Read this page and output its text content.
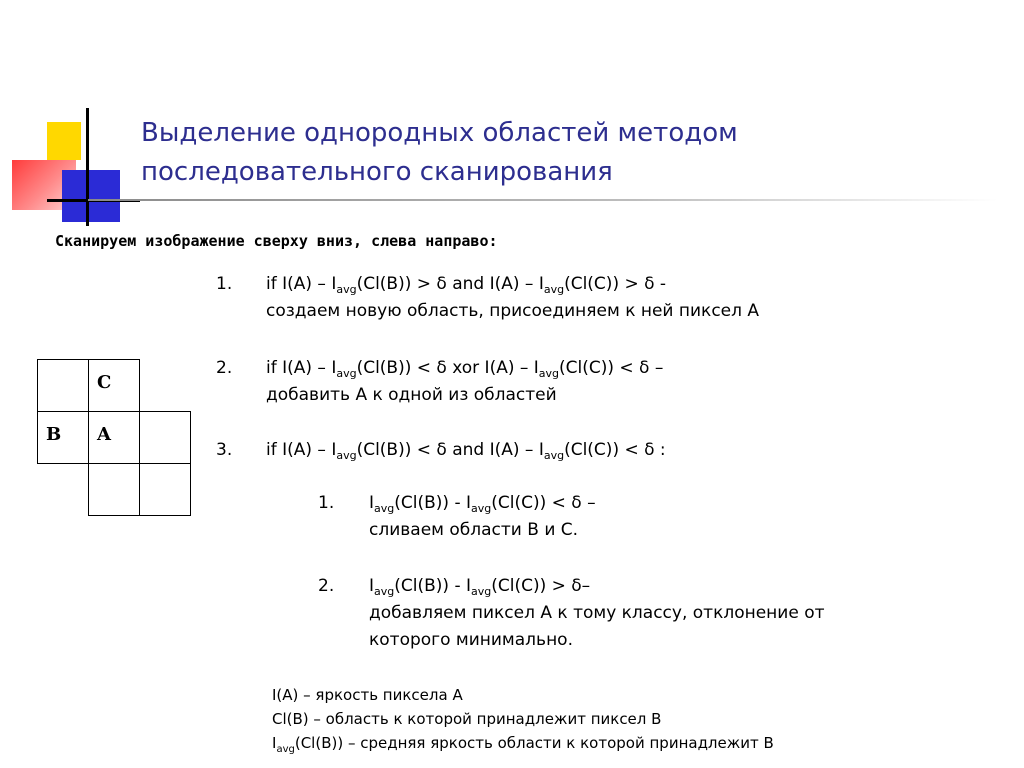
Выделение однородных областей методом
последовательного сканирования
Сканируем изображение сверху вниз, слева направо:

	C	

B	A	

1. if $I(A) - I_{avg}(Cl(B)) > \delta$ and $I(A) - I_{avg}(Cl(C)) > \delta$ -
создаем новую область, присоединяем к ней пиксел A
2. if $I(A) - I_{avg}(Cl(B)) < \delta$ xor $I(A) - I_{avg}(Cl(C)) < \delta$ –
добавить A к одной из областей
3. if $I(A) - I_{avg}(Cl(B)) < \delta$ and $I(A) - I_{avg}(Cl(C)) < \delta$ :
1. $I_{avg}(Cl(B)) - I_{avg}(Cl(C)) < \delta$ –
сливаем области B и C.
2. $I_{avg}(Cl(B)) - I_{avg}(Cl(C)) > \delta-$
добавляем пиксел A к тому классу, отклонение от
которого минимально.
I(A) – яркость пиксела A
Cl(B) – область к которой принадлежит пиксел B
$I_{avg}(Cl(B))$ – средняя яркость области к которой принадлежит B
